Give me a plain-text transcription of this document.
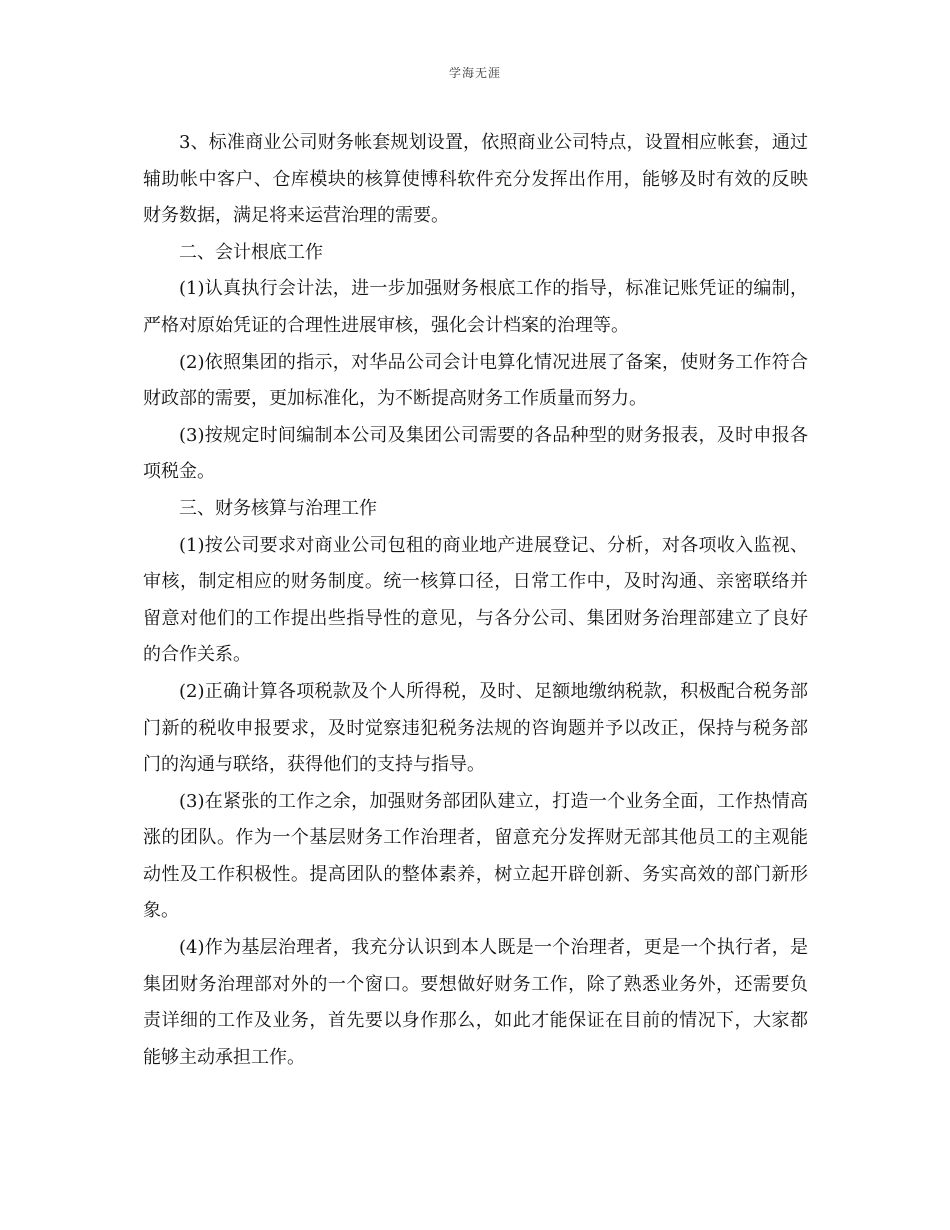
学海无涯

3、标准商业公司财务帐套规划设置，依照商业公司特点，设置相应帐套，通过辅助帐中客户、仓库模块的核算使博科软件充分发挥出作用，能够及时有效的反映财务数据，满足将来运营治理的需要。

二、会计根底工作

(1)认真执行会计法，进一步加强财务根底工作的指导，标准记账凭证的编制，严格对原始凭证的合理性进展审核，强化会计档案的治理等。

(2)依照集团的指示，对华品公司会计电算化情况进展了备案，使财务工作符合财政部的需要，更加标准化，为不断提高财务工作质量而努力。

(3)按规定时间编制本公司及集团公司需要的各品种型的财务报表，及时申报各项税金。

三、财务核算与治理工作

(1)按公司要求对商业公司包租的商业地产进展登记、分析，对各项收入监视、审核，制定相应的财务制度。统一核算口径，日常工作中，及时沟通、亲密联络并留意对他们的工作提出些指导性的意见，与各分公司、集团财务治理部建立了良好的合作关系。

(2)正确计算各项税款及个人所得税，及时、足额地缴纳税款，积极配合税务部门新的税收申报要求，及时觉察违犯税务法规的咨询题并予以改正，保持与税务部门的沟通与联络，获得他们的支持与指导。

(3)在紧张的工作之余，加强财务部团队建立，打造一个业务全面，工作热情高涨的团队。作为一个基层财务工作治理者，留意充分发挥财无部其他员工的主观能动性及工作积极性。提高团队的整体素养，树立起开辟创新、务实高效的部门新形象。

(4)作为基层治理者，我充分认识到本人既是一个治理者，更是一个执行者，是集团财务治理部对外的一个窗口。要想做好财务工作，除了熟悉业务外，还需要负责详细的工作及业务，首先要以身作那么，如此才能保证在目前的情况下，大家都能够主动承担工作。
